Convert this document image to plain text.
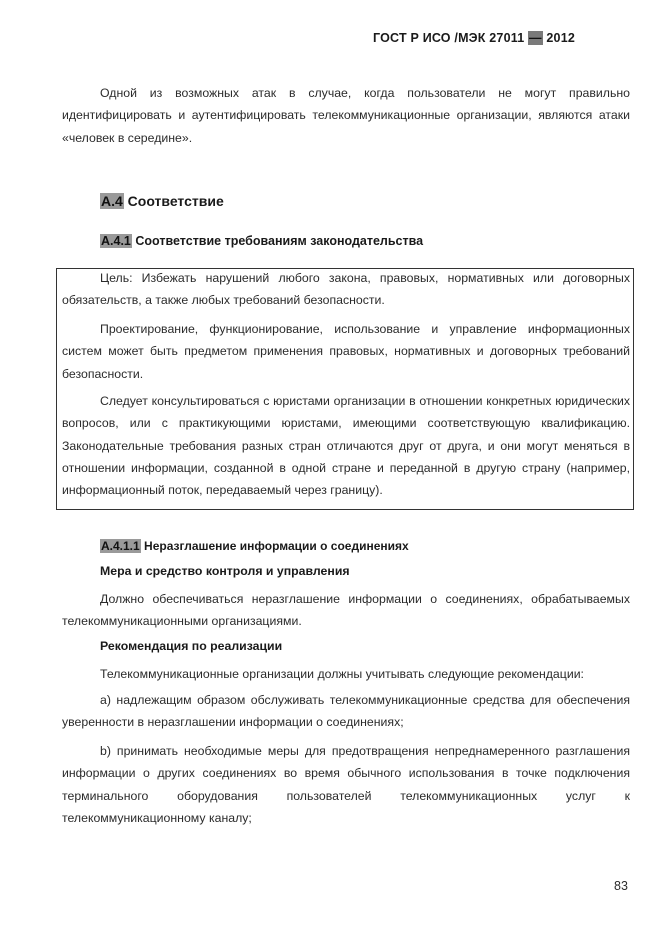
ГОСТ Р ИСО /МЭК 27011 — 2012
Одной из возможных атак в случае, когда пользователи не могут правильно идентифицировать и аутентифицировать телекоммуникационные организации, являются атаки «человек в середине».
А.4 Соответствие
А.4.1 Соответствие требованиям законодательства
Цель: Избежать нарушений любого закона, правовых, нормативных или договорных обязательств, а также любых требований безопасности.
Проектирование, функционирование, использование и управление информационных систем может быть предметом применения правовых, нормативных и договорных требований безопасности.
Следует консультироваться с юристами организации в отношении конкретных юридических вопросов, или с практикующими юристами, имеющими соответствующую квалификацию. Законодательные требования разных стран отличаются друг от друга, и они могут меняться в отношении информации, созданной в одной стране и переданной в другую страну (например, информационный поток, передаваемый через границу).
А.4.1.1 Неразглашение информации о соединениях
Мера и средство контроля и управления
Должно обеспечиваться неразглашение информации о соединениях, обрабатываемых телекоммуникационными организациями.
Рекомендация по реализации
Телекоммуникационные организации должны учитывать следующие рекомендации:
a) надлежащим образом обслуживать телекоммуникационные средства для обеспечения уверенности в неразглашении информации о соединениях;
b) принимать необходимые меры для предотвращения непреднамеренного разглашения информации о других соединениях во время обычного использования в точке подключения терминального оборудования пользователей телекоммуникационных услуг к телекоммуникационному каналу;
83
